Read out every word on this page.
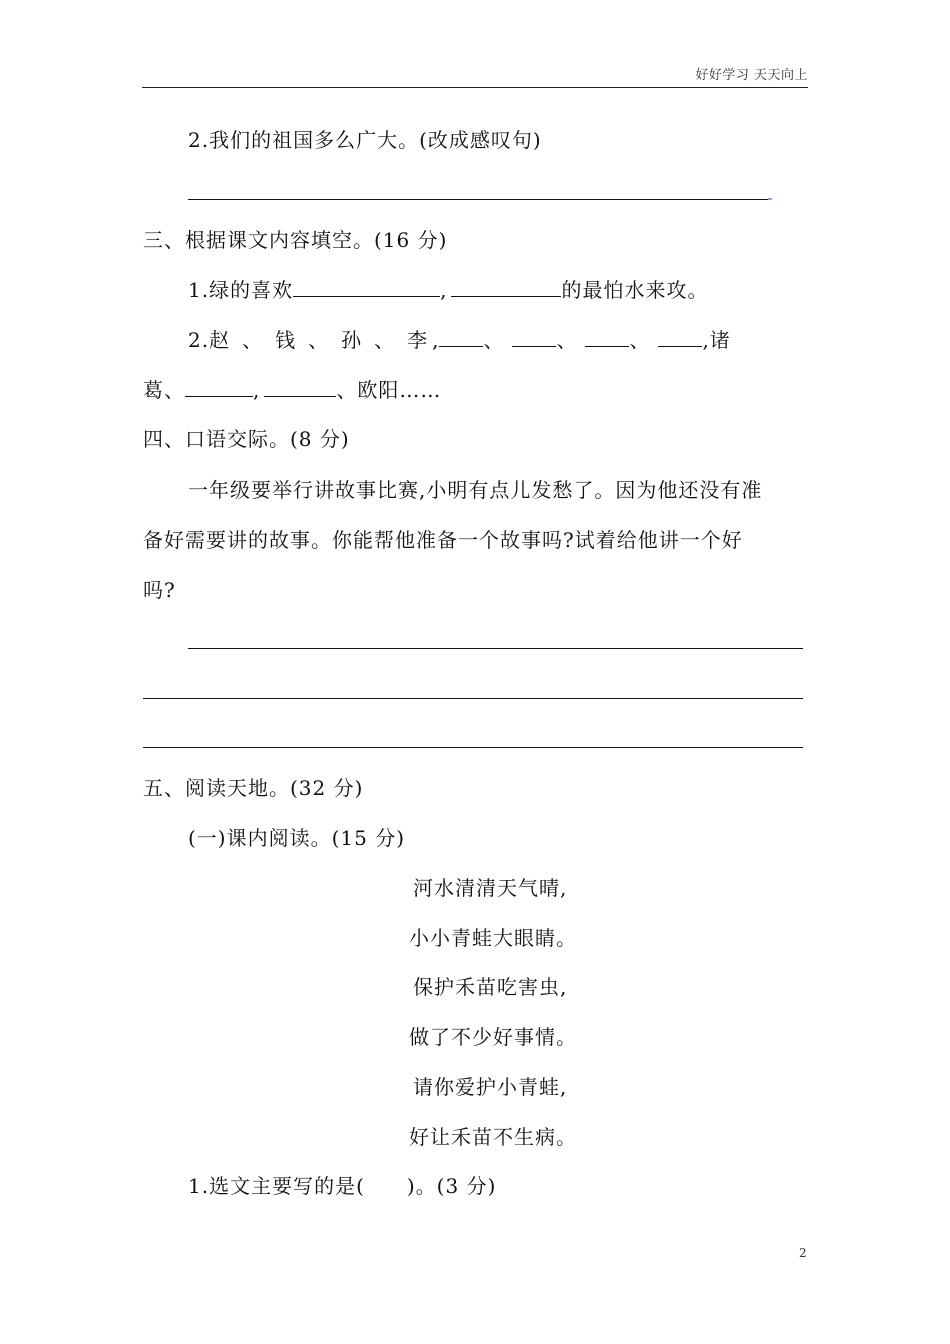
好好学习 天天向上
2.我们的祖国多么广大。(改成感叹句)
三、根据课文内容填空。(16 分)
1.绿的喜欢	,	的最怕水来攻。
2.赵 、 钱 、 孙 、 李 , 、	、	、	,诸
葛、	,	、欧阳……
四、口语交际。(8 分)
一年级要举行讲故事比赛,小明有点儿发愁了。因为他还没有准
备好需要讲的故事。你能帮他准备一个故事吗?试着给他讲一个好
吗?
五、阅读天地。(32 分)
(一)课内阅读。(15 分)
河水清清天气晴,
小小青蛙大眼睛。
保护禾苗吃害虫,
做了不少好事情。
请你爱护小青蛙,
好让禾苗不生病。
1.选文主要写的是(　　)。(3 分)
2
